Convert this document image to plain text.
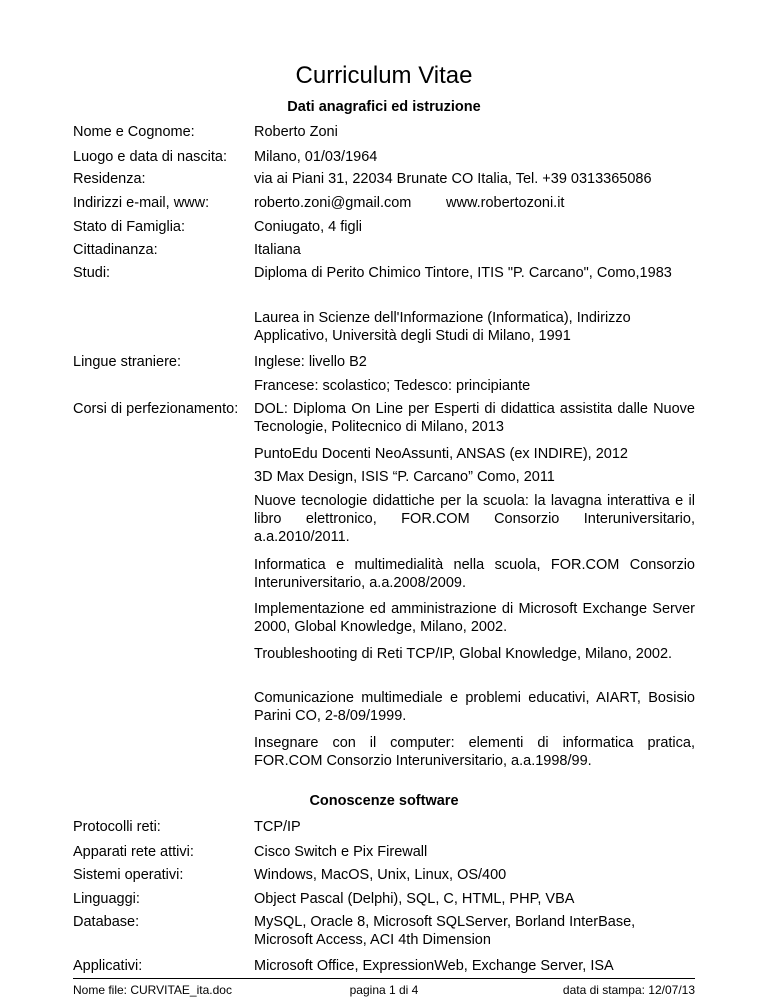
Curriculum Vitae
Dati anagrafici ed istruzione
Nome e Cognome:	Roberto Zoni
Luogo e data di nascita: Milano, 01/03/1964
Residenza:	via ai Piani 31, 22034 Brunate CO Italia, Tel. +39 0313365086
Indirizzi e-mail, www:	roberto.zoni@gmail.com	www.robertozoni.it
Stato di Famiglia:	Coniugato, 4 figli
Cittadinanza:	Italiana
Studi:	Diploma di Perito Chimico Tintore, ITIS "P. Carcano", Como,1983
Laurea in Scienze dell'Informazione (Informatica), Indirizzo Applicativo, Università degli Studi di Milano, 1991
Lingue straniere:	Inglese: livello B2
Francese: scolastico; Tedesco: principiante
Corsi di perfezionamento: DOL: Diploma On Line per Esperti di didattica assistita dalle Nuove Tecnologie, Politecnico di Milano, 2013
PuntoEdu Docenti NeoAssunti, ANSAS (ex INDIRE), 2012
3D Max Design, ISIS “P. Carcano” Como, 2011
Nuove tecnologie didattiche per la scuola: la lavagna interattiva e il libro elettronico, FOR.COM Consorzio Interuniversitario, a.a.2010/2011.
Informatica e multimedialità nella scuola, FOR.COM Consorzio Interuniversitario, a.a.2008/2009.
Implementazione ed amministrazione di Microsoft Exchange Server 2000, Global Knowledge, Milano, 2002.
Troubleshooting di Reti TCP/IP, Global Knowledge, Milano, 2002.
Comunicazione multimediale e problemi educativi, AIART, Bosisio Parini CO, 2-8/09/1999.
Insegnare con il computer: elementi di informatica pratica, FOR.COM Consorzio Interuniversitario, a.a.1998/99.
Conoscenze software
Protocolli reti:	TCP/IP
Apparati rete attivi:	Cisco Switch e Pix Firewall
Sistemi operativi:	Windows, MacOS, Unix, Linux, OS/400
Linguaggi:	Object Pascal (Delphi), SQL, C, HTML, PHP, VBA
Database:	MySQL, Oracle 8, Microsoft SQLServer, Borland InterBase, Microsoft Access, ACI 4th Dimension
Applicativi:	Microsoft Office, ExpressionWeb, Exchange Server, ISA
Nome file: CURVITAE_ita.doc	pagina 1 di 4	data di stampa: 12/07/13
